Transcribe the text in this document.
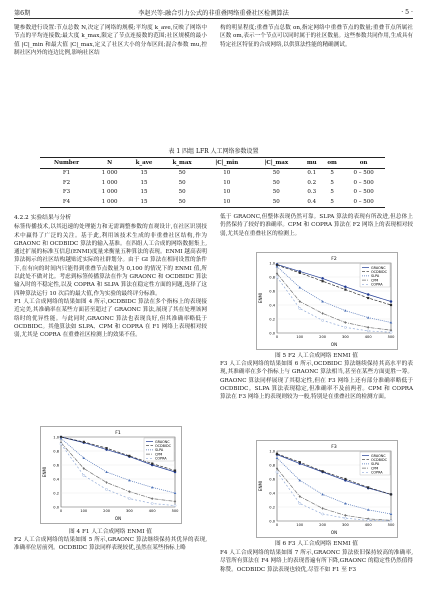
第6期	李赵兴等:融合引力公式的非重叠网络重叠社区检测算法	· 5 ·

键参数进行设置:节点总数 N,决定了网络的规模;平均度 k_ave,反映了网络中节点的平均连接数;最大度 k_max,限定了节点连接数的范围;社区规模的最小值 |C|_min 和最大值 |C|_max,定义了社区大小的分布区间;混合参数 mu,控制社区内外的连边比例,影响社区结

构的明显程度;重叠节点总数 on,指定网络中重叠节点的数量;重叠节点所属社区数 om,表示一个节点可以同时属于的社区数量。这些参数共同作用,生成具有特定社区特征的合成网络,以供算法性能的精确测试。

表 1 四组 LFR 人工网络参数设置
Number	N	k_ave	k_max	|C|_min	|C|_max	mu	om	on
F1	1 000	15	50	10	50	0.1	5	0 – 500
F2	1 000	15	50	10	50	0.2	5	0 – 500
F3	1 000	15	50	10	50	0.3	5	0 – 500
F4	1 000	15	50	10	50	0.4	5	0 – 500
4.2.2 实验结果与分析

标签传播技术,以其迅速的处理能力和无需调整参数的直观设计,在社区识别技术中赢得了广泛的关注。基于此,利用该技术生成的非重叠社区结构,作为 GRAONC 和 OCDBIDC 算法的输入基准。在四组人工合成的网络数据集上,通过扩展的标准互信息(ENMI)度量来衡量五种算法的表现。ENMI 越高表明算法揭示的社区结构越贴近实际的社群划分。由于 GI 算法在相同设置的条件下,在有向的时间内只能得到重叠节点数量为 0,100 的情况下的 ENMI 值,所以此处不做对比。考虑到标签传播算法在作为 GRAONC 和 OCDBIDC 算法输入时的不稳定性,以及 COPRA 和 SLPA 算法在稳定性方面的问题,选择了这四种算法运行 10 次后的最大值,作为实验的最终评分标准。

F1 人工合成网络的结果如图 4 所示,OCDBIDC 算法在多个指标上的表现接近完美,其准确率在某些方面甚至超过了 GRAONC 算法,展现了其在处理该网络时的优异性能。与此同时,GRAONC 算法也表现良好,但其准确率略低于 OCDBIDC。其他算法如 SLPA、CPM 和 COPRA 在 F1 网络上表现相对较弱,尤其是 COPRA 在重叠社区检测上的效果不佳。

F1
0.0
0.2
0.4
0.6
0.8
1.0
0	100	200	300	400	500
ON
ENMI
GRAONC
OCDBIDC
SLPA
CPM
COPRA
图 4 F1 人工合成网络 ENMI 值

F2 人工合成网络的结果如图 5 所示,GRAONC 算法继续保持其优异的表现,准确率位居前列。OCDBIDC 算法同样表现较优,虽然在某些指标上略

低于 GRAONC,但整体表现仍然可靠。SLPA 算法的表现有所改进,但总体上仍然保持了较好的准确率。CPM 和 COPRA 算法在 F2 网络上的表现相对较弱,尤其是在重叠社区的检测上。

F2
0.0
0.2
0.4
0.6
0.8
1.0
0	100	200	300	400	500
ON
ENMI
GRAONC
OCDBIDC
SLPA
CPM
COPRA
图 5 F2 人工合成网络 ENMI 值

F3 人工合成网络的结果如图 6 所示,OCDBIDC 算法继续保持其高水平的表现,其准确率在多个指标上与 GRAONC 算法相当,甚至在某些方面更胜一筹。GRAONC 算法同样展现了其稳定性,但在 F3 网络上还有部分准确率略低于 OCDBIDC。SLPA 算法表现稳定,但准确率不及前两者。CPM 和 COPRA 算法在 F3 网络上的表现则较为一般,特别是在重叠社区的检测方面。

F3
0.0
0.2
0.4
0.6
0.8
1.0
0	100	200	300	400	500
ON
ENMI
GRAONC
OCDBIDC
SLPA
CPM
COPRA
图 6 F3 人工合成网络 ENMI 值

F4 人工合成网络的结果如图 7 所示,GRAONC 算法依旧保持较高的准确率,尽管所有算法在 F4 网络上的表现普遍有所下降,GRAONC 的稳定性仍然值得称赞。OCDBIDC 算法表现也较优,尽管不如 F1 至 F3
